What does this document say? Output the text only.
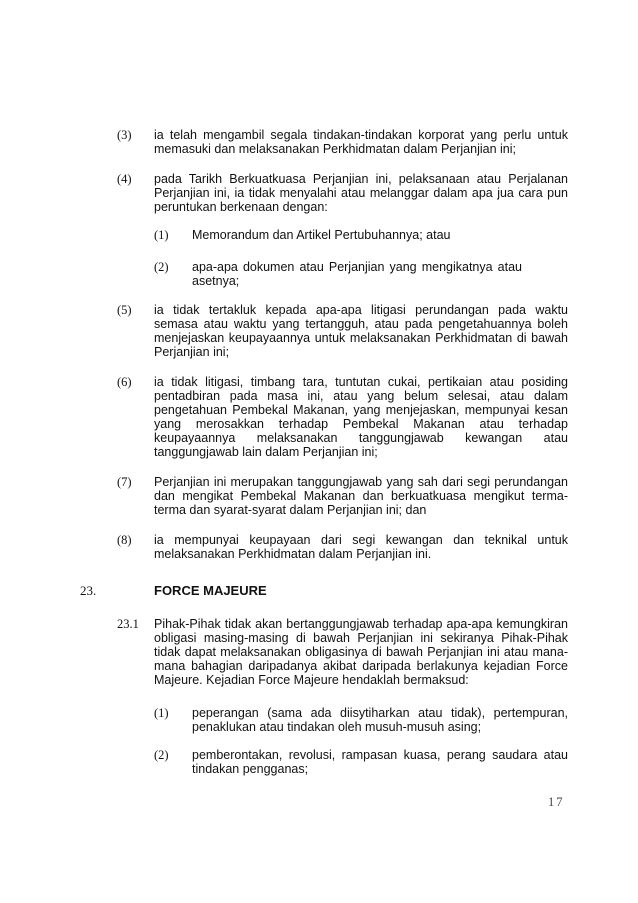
(3) ia telah mengambil segala tindakan-tindakan korporat yang perlu untuk memasuki dan melaksanakan Perkhidmatan dalam Perjanjian ini;
(4) pada Tarikh Berkuatkuasa Perjanjian ini, pelaksanaan atau Perjalanan Perjanjian ini, ia tidak menyalahi atau melanggar dalam apa jua cara pun peruntukan berkenaan dengan:
(1) Memorandum dan Artikel Pertubuhannya; atau
(2) apa-apa dokumen atau Perjanjian yang mengikatnya atau asetnya;
(5) ia tidak tertakluk kepada apa-apa litigasi perundangan pada waktu semasa atau waktu yang tertangguh, atau pada pengetahuannya boleh menjejaskan keupayaannya untuk melaksanakan Perkhidmatan di bawah Perjanjian ini;
(6) ia tidak litigasi, timbang tara, tuntutan cukai, pertikaian atau posiding pentadbiran pada masa ini, atau yang belum selesai, atau dalam pengetahuan Pembekal Makanan, yang menjejaskan, mempunyai kesan yang merosakkan terhadap Pembekal Makanan atau terhadap keupayaannya melaksanakan tanggungjawab kewangan atau tanggungjawab lain dalam Perjanjian ini;
(7) Perjanjian ini merupakan tanggungjawab yang sah dari segi perundangan dan mengikat Pembekal Makanan dan berkuatkuasa mengikut terma-terma dan syarat-syarat dalam Perjanjian ini; dan
(8) ia mempunyai keupayaan dari segi kewangan dan teknikal untuk melaksanakan Perkhidmatan dalam Perjanjian ini.
23.	FORCE MAJEURE
23.1 Pihak-Pihak tidak akan bertanggungjawab terhadap apa-apa kemungkiran obligasi masing-masing di bawah Perjanjian ini sekiranya Pihak-Pihak tidak dapat melaksanakan obligasinya di bawah Perjanjian ini atau mana-mana bahagian daripadanya akibat daripada berlakunya kejadian Force Majeure. Kejadian Force Majeure hendaklah bermaksud:
(1) peperangan (sama ada diisytiharkan atau tidak), pertempuran, penaklukan atau tindakan oleh musuh-musuh asing;
(2) pemberontakan, revolusi, rampasan kuasa, perang saudara atau tindakan pengganas;
17
